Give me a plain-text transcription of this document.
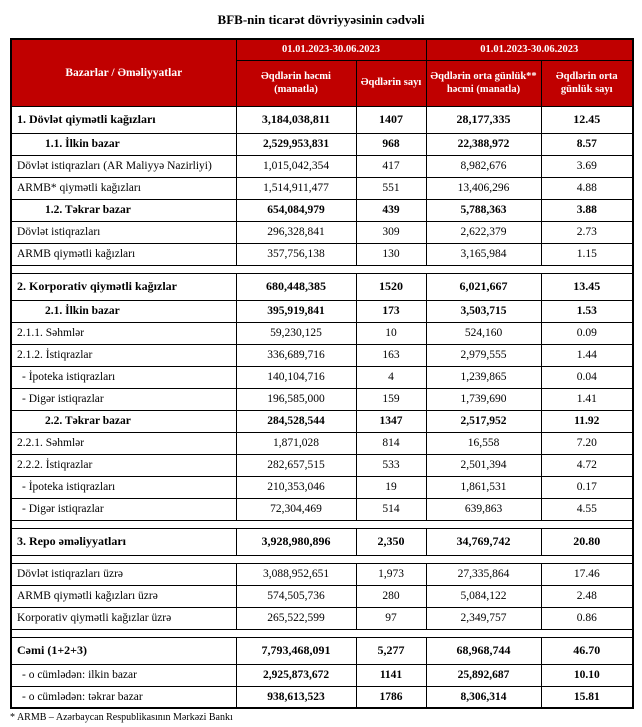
BFB-nin ticarət dövriyyəsinin cədvəli
Bazarlar / Əməliyyatlar	01.01.2023-30.06.2023		01.01.2023-30.06.2023	
	Əqdlərin həcmi (manatla)	Əqdlərin sayı	Əqdlərin orta günlük** həcmi (manatla)	Əqdlərin orta günlük sayı
1. Dövlət qiymətli kağızları	3,184,038,811	1407	28,177,335	12.45
1.1. İlkin bazar	2,529,953,831	968	22,388,972	8.57
Dövlət istiqrazları (AR Maliyyə Nazirliyi)	1,015,042,354	417	8,982,676	3.69
ARMB* qiymətli kağızları	1,514,911,477	551	13,406,296	4.88
1.2. Təkrar bazar	654,084,979	439	5,788,363	3.88
Dövlət istiqrazları	296,328,841	309	2,622,379	2.73
ARMB qiymətli kağızları	357,756,138	130	3,165,984	1.15

2. Korporativ qiymətli kağızlar	680,448,385	1520	6,021,667	13.45
2.1. İlkin bazar	395,919,841	173	3,503,715	1.53
2.1.1. Səhmlər	59,230,125	10	524,160	0.09
2.1.2. İstiqrazlar	336,689,716	163	2,979,555	1.44
- İpoteka istiqrazları	140,104,716	4	1,239,865	0.04
- Digər istiqrazlar	196,585,000	159	1,739,690	1.41
2.2. Təkrar bazar	284,528,544	1347	2,517,952	11.92
2.2.1. Səhmlər	1,871,028	814	16,558	7.20
2.2.2. İstiqrazlar	282,657,515	533	2,501,394	4.72
- İpoteka istiqrazları	210,353,046	19	1,861,531	0.17
- Digər istiqrazlar	72,304,469	514	639,863	4.55

3. Repo əməliyyatları	3,928,980,896	2,350	34,769,742	20.80

Dövlət istiqrazları üzrə	3,088,952,651	1,973	27,335,864	17.46
ARMB qiymətli kağızları üzrə	574,505,736	280	5,084,122	2.48
Korporativ qiymətli kağızlar üzrə	265,522,599	97	2,349,757	0.86

Cəmi (1+2+3)	7,793,468,091	5,277	68,968,744	46.70
- o cümlədən: ilkin bazar	2,925,873,672	1141	25,892,687	10.10
- o cümlədən: təkrar bazar	938,613,523	1786	8,306,314	15.81
* ARMB – Azərbaycan Respublikasının Mərkəzi Bankı
